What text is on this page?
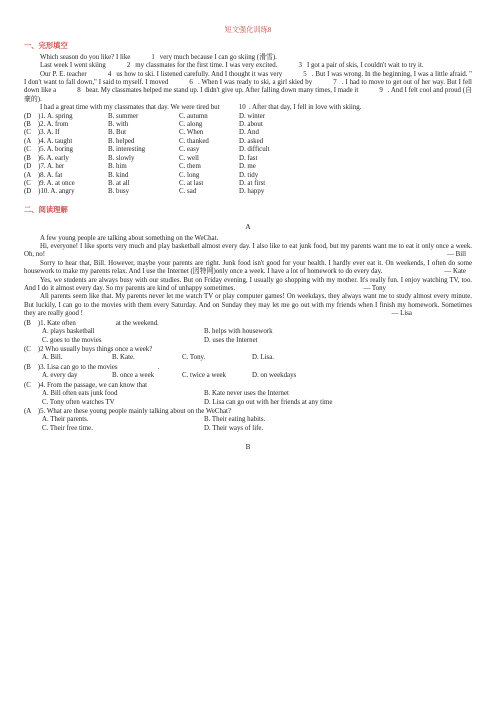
短文强化训练8
一、完形填空

Which season do you like? I like	1 very much because I can go skiing (滑雪).

Last week I went skiing	2 my classmates for the first time. I was very excited.	3 I got a pair of skis, I couldn't wait to try it.

Our P. E. teacher	4 us how to ski. I listened carefully. And I thought it was very	5 . But I was wrong. In the beginning, I was a little afraid. " I don't want to fall down," I said to myself. I moved	6 . When I was ready to ski, a girl skied by	7 . I had to move to get out of her way. But I fell down like a	8 bear. My classmates helped me stand up. I didn't give up. After falling down many times, I made it	9 . And I felt cool and proud (自豪的).

I had a great time with my classmates that day. We were tired but	10 . After that day, I fell in love with skiing.

(D　)1. A. spring	B. summer	C. autumn	D. winter
(B　)2. A. from	B. with	C. along	D. about
(C　)3. A. If	B. But	C. When	D. And
(A　)4. A. taught	B. helped	C. thanked	D. asked
(C　)5. A. boring	B. interesting	C. easy	D. difficult
(B　)6. A. early	B. slowly	C. well	D. fast
(D　)7. A. her	B. him	C. them	D. me
(A　)8. A. fat	B. kind	C. long	D. tidy
(C　)9. A. at once	B. at all	C. at last	D. at first
(D　)10. A. angry	B. busy	C. sad	D. happy
二、阅读理解
A

A few young people are talking about something on the WeChat.

Hi, everyone! I like sports very much and play basketball almost every day. I also like to eat junk food, but my parents want me to eat it only once a week. Oh, no!	— Bill

Sorry to hear that, Bill. However, maybe your parents are right. Junk food isn't good for your health. I hardly ever eat it. On weekends, I often do some housework to make my parents relax. And I use the Internet (因特网)only once a week. I have a lot of homework to do every day.	— Kate

Yes, we students are always busy with our studies. But on Friday evening, I usually go shopping with my mother. It's really fun. I enjoy watching TV, too. And I do it almost every day. So my parents are kind of unhappy sometimes.	— Tony

All parents seem like that. My parents never let me watch TV or play computer games! On weekdays, they always want me to study almost every minute. But luckily, I can go to the movies with them every Saturday. And on Sunday they may let me go out with my friends when I finish my homework. Sometimes they are really good !	— Lisa

(B　)1. Kate often	at the weekend.
A. plays basketball	B. helps with housework
C. goes to the movies	D. uses the Internet
(C　)2 Who usually buys things once a week?
A. Bill.	B. Kate.	C. Tony.	D. Lisa.
(B　)3. Lisa can go to the movies	.
A. every day	B. once a week	C. twice a week	D. on weekdays
(C　)4. From the passage, we can know that
A. Bill often eats junk food	B. Kate never uses the Internet
C. Tony often watches TV	D. Lisa can go out with her friends at any time
(A　)5. What are these young people mainly talking about on the WeChat?
A. Their parents.	B. Their eating habits.
C. Their free time.	D. Their ways of life.
B
